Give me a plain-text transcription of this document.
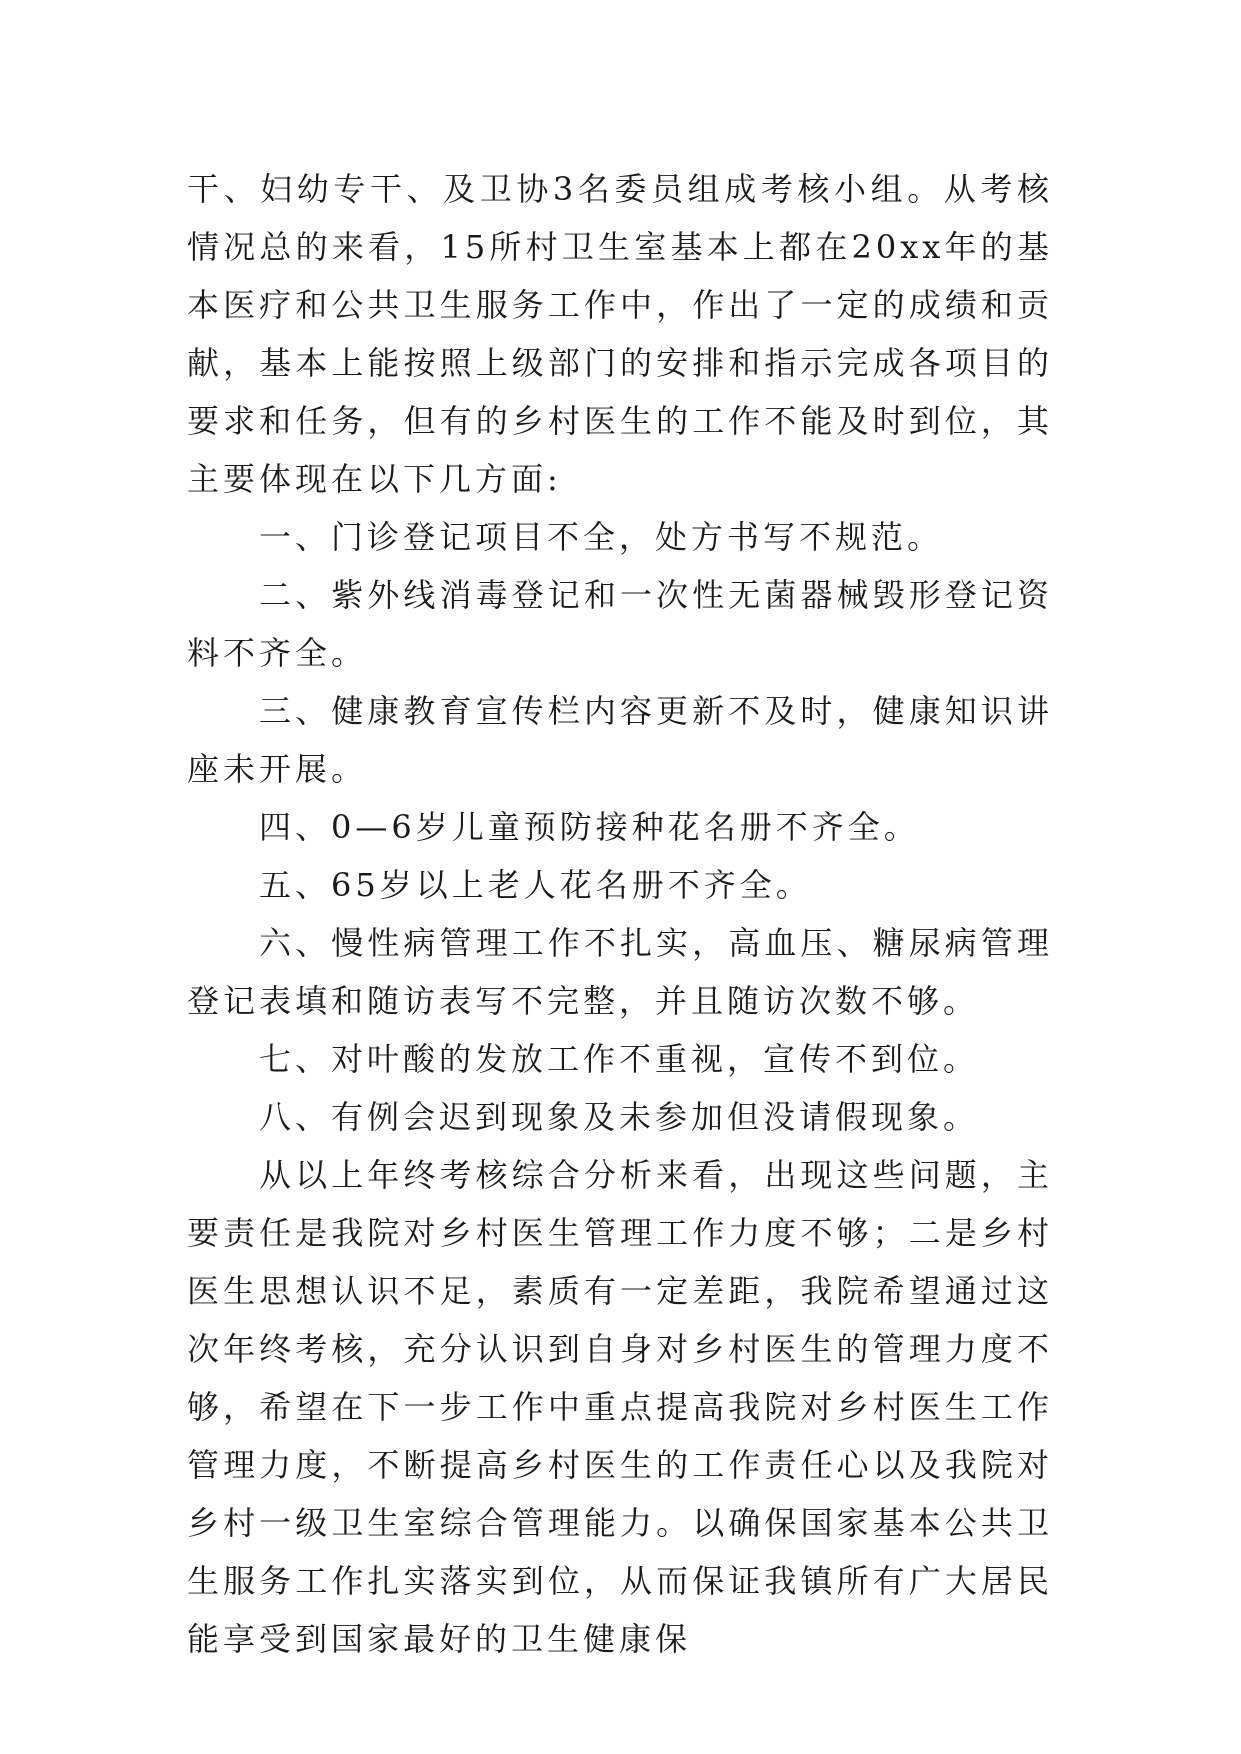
干、妇幼专干、及卫协3名委员组成考核小组。从考核情况总的来看，15所村卫生室基本上都在20xx年的基本医疗和公共卫生服务工作中，作出了一定的成绩和贡献，基本上能按照上级部门的安排和指示完成各项目的要求和任务，但有的乡村医生的工作不能及时到位，其主要体现在以下几方面:

一、门诊登记项目不全，处方书写不规范。

二、紫外线消毒登记和一次性无菌器械毁形登记资料不齐全。

三、健康教育宣传栏内容更新不及时，健康知识讲座未开展。

四、0—6岁儿童预防接种花名册不齐全。

五、65岁以上老人花名册不齐全。

六、慢性病管理工作不扎实，高血压、糖尿病管理登记表填和随访表写不完整，并且随访次数不够。

七、对叶酸的发放工作不重视，宣传不到位。

八、有例会迟到现象及未参加但没请假现象。

从以上年终考核综合分析来看，出现这些问题，主要责任是我院对乡村医生管理工作力度不够；二是乡村医生思想认识不足，素质有一定差距，我院希望通过这次年终考核，充分认识到自身对乡村医生的管理力度不够，希望在下一步工作中重点提高我院对乡村医生工作管理力度，不断提高乡村医生的工作责任心以及我院对乡村一级卫生室综合管理能力。以确保国家基本公共卫生服务工作扎实落实到位，从而保证我镇所有广大居民能享受到国家最好的卫生健康保
